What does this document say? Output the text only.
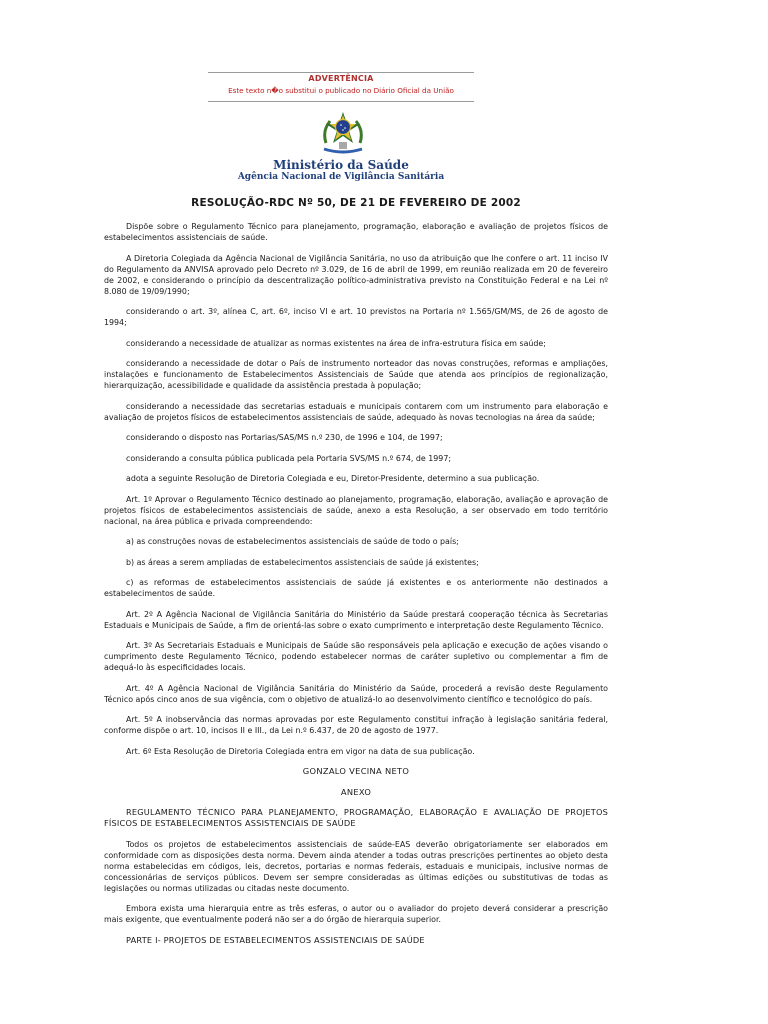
ADVERTÊNCIA
Este texto n�o substitui o publicado no Diário Oficial da União
Ministério da Saúde
Agência Nacional de Vigilância Sanitária
RESOLUÇÃO-RDC Nº 50, DE 21 DE FEVEREIRO DE 2002

Dispõe sobre o Regulamento Técnico para planejamento, programação, elaboração e avaliação de projetos físicos de estabelecimentos assistenciais de saúde.

A Diretoria Colegiada da Agência Nacional de Vigilância Sanitária, no uso da atribuição que lhe confere o art. 11 inciso IV do Regulamento da ANVISA aprovado pelo Decreto nº 3.029, de 16 de abril de 1999, em reunião realizada em 20 de fevereiro de 2002, e considerando o princípio da descentralização político-administrativa previsto na Constituição Federal e na Lei nº 8.080 de 19/09/1990;

considerando o art. 3º, alínea C, art. 6º, inciso VI e art. 10 previstos na Portaria nº 1.565/GM/MS, de 26 de agosto de 1994;

considerando a necessidade de atualizar as normas existentes na área de infra-estrutura física em saúde;

considerando a necessidade de dotar o País de instrumento norteador das novas construções, reformas e ampliações, instalações e funcionamento de Estabelecimentos Assistenciais de Saúde que atenda aos princípios de regionalização, hierarquização, acessibilidade e qualidade da assistência prestada à população;

considerando a necessidade das secretarias estaduais e municipais contarem com um instrumento para elaboração e avaliação de projetos físicos de estabelecimentos assistenciais de saúde, adequado às novas tecnologias na área da saúde;

considerando o disposto nas Portarias/SAS/MS n.º 230, de 1996 e 104, de 1997;

considerando a consulta pública publicada pela Portaria SVS/MS n.º 674, de 1997;

adota a seguinte Resolução de Diretoria Colegiada e eu, Diretor-Presidente, determino a sua publicação.

Art. 1º Aprovar o Regulamento Técnico destinado ao planejamento, programação, elaboração, avaliação e aprovação de projetos físicos de estabelecimentos assistenciais de saúde, anexo a esta Resolução, a ser observado em todo território nacional, na área pública e privada compreendendo:

a) as construções novas de estabelecimentos assistenciais de saúde de todo o país;

b) as áreas a serem ampliadas de estabelecimentos assistenciais de saúde já existentes;

c) as reformas de estabelecimentos assistenciais de saúde já existentes e os anteriormente não destinados a estabelecimentos de saúde.

Art. 2º A Agência Nacional de Vigilância Sanitária do Ministério da Saúde prestará cooperação técnica às Secretarias Estaduais e Municipais de Saúde, a fim de orientá-las sobre o exato cumprimento e interpretação deste Regulamento Técnico.

Art. 3º As Secretariais Estaduais e Municipais de Saúde são responsáveis pela aplicação e execução de ações visando o cumprimento deste Regulamento Técnico, podendo estabelecer normas de caráter supletivo ou complementar a fim de adequá-lo às especificidades locais.

Art. 4º A Agência Nacional de Vigilância Sanitária do Ministério da Saúde, procederá a revisão deste Regulamento Técnico após cinco anos de sua vigência, com o objetivo de atualizá-lo ao desenvolvimento científico e tecnológico do país.

Art. 5º A inobservância das normas aprovadas por este Regulamento constitui infração à legislação sanitária federal, conforme dispõe o art. 10, incisos II e III., da Lei n.º 6.437, de 20 de agosto de 1977.

Art. 6º Esta Resolução de Diretoria Colegiada entra em vigor na data de sua publicação.

GONZALO VECINA NETO

ANEXO

REGULAMENTO TÉCNICO PARA PLANEJAMENTO, PROGRAMAÇÃO, ELABORAÇÃO E AVALIAÇÃO DE PROJETOS FÍSICOS DE ESTABELECIMENTOS ASSISTENCIAIS DE SAÚDE

Todos os projetos de estabelecimentos assistenciais de saúde-EAS deverão obrigatoriamente ser elaborados em conformidade com as disposições desta norma. Devem ainda atender a todas outras prescrições pertinentes ao objeto desta norma estabelecidas em códigos, leis, decretos, portarias e normas federais, estaduais e municipais, inclusive normas de concessionárias de serviços públicos. Devem ser sempre consideradas as últimas edições ou substitutivas de todas as legislações ou normas utilizadas ou citadas neste documento.

Embora exista uma hierarquia entre as três esferas, o autor ou o avaliador do projeto deverá considerar a prescrição mais exigente, que eventualmente poderá não ser a do órgão de hierarquia superior.

PARTE I- PROJETOS DE ESTABELECIMENTOS ASSISTENCIAIS DE SAÚDE
